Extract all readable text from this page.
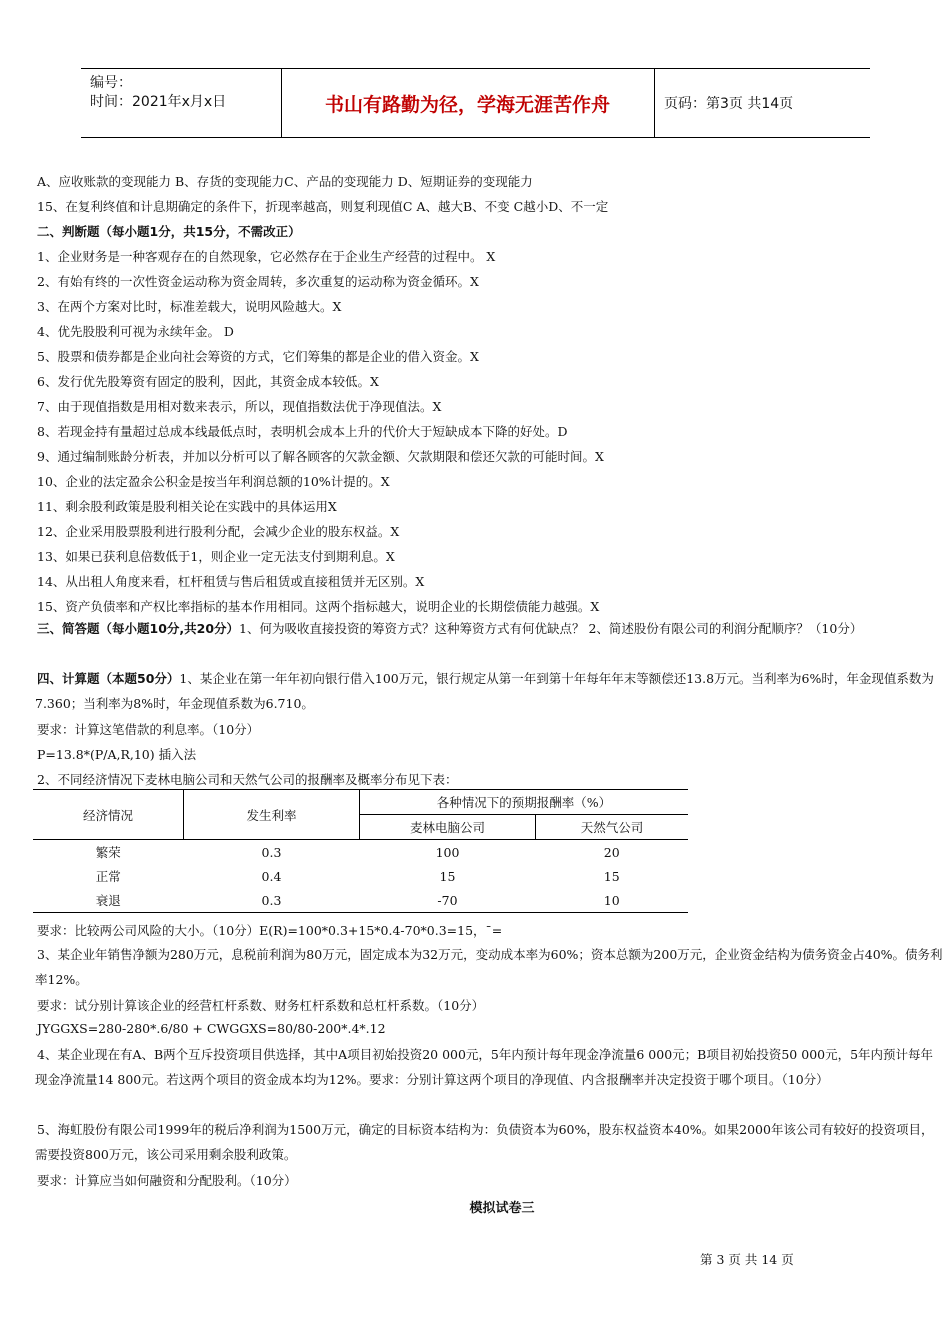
编号：
时间：2021年x月x日	书山有路勤为径，学海无涯苦作舟	页码：第3页 共14页
A、应收账款的变现能力 B、存货的变现能力C、产品的变现能力 D、短期证券的变现能力
15、在复利终值和计息期确定的条件下，折现率越高，则复利现值C A、越大B、不变 C越小D、不一定
二、判断题（每小题1分，共15分，不需改正）
1、企业财务是一种客观存在的自然现象，它必然存在于企业生产经营的过程中。 X
2、有始有终的一次性资金运动称为资金周转，多次重复的运动称为资金循环。X
3、在两个方案对比时，标准差载大，说明风险越大。X
4、优先股股利可视为永续年金。 D
5、股票和债券都是企业向社会筹资的方式，它们筹集的都是企业的借入资金。X
6、发行优先股筹资有固定的股利，因此，其资金成本较低。X
7、由于现值指数是用相对数来表示，所以，现值指数法优于净现值法。X
8、若现金持有量超过总成本线最低点时，表明机会成本上升的代价大于短缺成本下降的好处。D
9、通过编制账龄分析表，并加以分析可以了解各顾客的欠款金额、欠款期限和偿还欠款的可能时间。X
10、企业的法定盈余公积金是按当年利润总额的10%计提的。X
11、剩余股利政策是股利相关论在实践中的具体运用X
12、企业采用股票股利进行股利分配，会减少企业的股东权益。X
13、如果已获利息倍数低于1，则企业一定无法支付到期利息。X
14、从出租人角度来看，杠杆租赁与售后租赁或直接租赁并无区别。X
15、资产负债率和产权比率指标的基本作用相同。这两个指标越大，说明企业的长期偿债能力越强。X
三、简答题（每小题10分,共20分）1、何为吸收直接投资的筹资方式？这种筹资方式有何优缺点？ 2、简述股份有限公司的利润分配顺序？（10分）
四、计算题（本题50分）1、某企业在第一年年初向银行借入100万元，银行规定从第一年到第十年每年年末等额偿还13.8万元。当利率为6%时，年金现值系数为7.360；当利率为8%时，年金现值系数为6.710。
要求：计算这笔借款的利息率。（10分）
P=13.8*(P/A,R,10) 插入法
2、不同经济情况下麦林电脑公司和天然气公司的报酬率及概率分布见下表：
经济情况	发生利率	各种情况下的预期报酬率（%）	
		麦林电脑公司	天然气公司
繁荣	0.3	100	20
正常	0.4	15	15
衰退	0.3	-70	10
要求：比较两公司风险的大小。（10分）E(R)=100*0.3+15*0.4-70*0.3=15，ˉ=
3、某企业年销售净额为280万元，息税前利润为80万元，固定成本为32万元，变动成本率为60%；资本总额为200万元，企业资金结构为债务资金占40%。债务利率12%。
要求：试分别计算该企业的经营杠杆系数、财务杠杆系数和总杠杆系数。（10分）
JYGGXS=280-280*.6/80 + CWGGXS=80/80-200*.4*.12
4、某企业现在有A、B两个互斥投资项目供选择，其中A项目初始投资20 000元，5年内预计每年现金净流量6 000元；B项目初始投资50 000元，5年内预计每年现金净流量14 800元。若这两个项目的资金成本均为12%。要求：分别计算这两个项目的净现值、内含报酬率并决定投资于哪个项目。（10分）
5、海虹股份有限公司1999年的税后净利润为1500万元，确定的目标资本结构为：负债资本为60%，股东权益资本40%。如果2000年该公司有较好的投资项目，需要投资800万元，该公司采用剩余股利政策。
要求：计算应当如何融资和分配股利。（10分）
模拟试卷三
第 3 页 共 14 页
